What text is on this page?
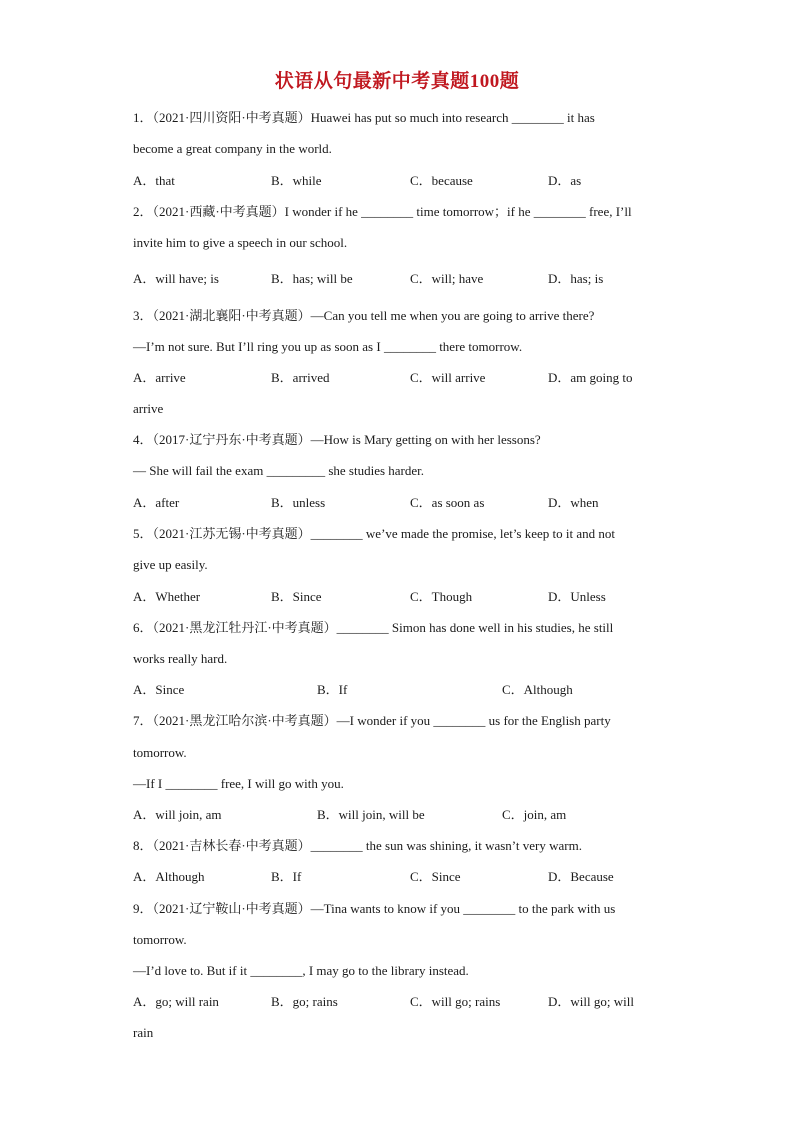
状语从句最新中考真题100题
1．（2021·四川资阳·中考真题）Huawei has put so much into research ________ it has
become a great company in the world.
A．that	B．while	C．because	D．as
2．（2021·西藏·中考真题）I wonder if he ________ time tomorrow；if he ________ free, I’ll
invite him to give a speech in our school.
A．will have; is	B．has; will be	C．will; have	D．has; is
3．（2021·湖北襄阳·中考真题）—Can you tell me when you are going to arrive there?
—I’m not sure. But I’ll ring you up as soon as I ________ there tomorrow.
A．arrive	B．arrived	C．will arrive	D．am going to
arrive
4．（2017·辽宁丹东·中考真题）—How is Mary getting on with her lessons?
— She will fail the exam _________ she studies harder.
A．after	B．unless	C．as soon as	D．when
5．（2021·江苏无锡·中考真题）________ we’ve made the promise, let’s keep to it and not
give up easily.
A．Whether	B．Since	C．Though	D．Unless
6．（2021·黑龙江牡丹江·中考真题）________ Simon has done well in his studies, he still
works really hard.
A．Since	B．If	C．Although
7．（2021·黑龙江哈尔滨·中考真题）—I wonder if you ________ us for the English party
tomorrow.
—If I ________ free, I will go with you.
A．will join, am	B．will join, will be	C．join, am
8．（2021·吉林长春·中考真题）________ the sun was shining, it wasn’t very warm.
A．Although	B．If	C．Since	D．Because
9．（2021·辽宁鞍山·中考真题）—Tina wants to know if you ________ to the park with us
tomorrow.
—I’d love to. But if it ________, I may go to the library instead.
A．go; will rain	B．go; rains	C．will go; rains	D．will go; will
rain
